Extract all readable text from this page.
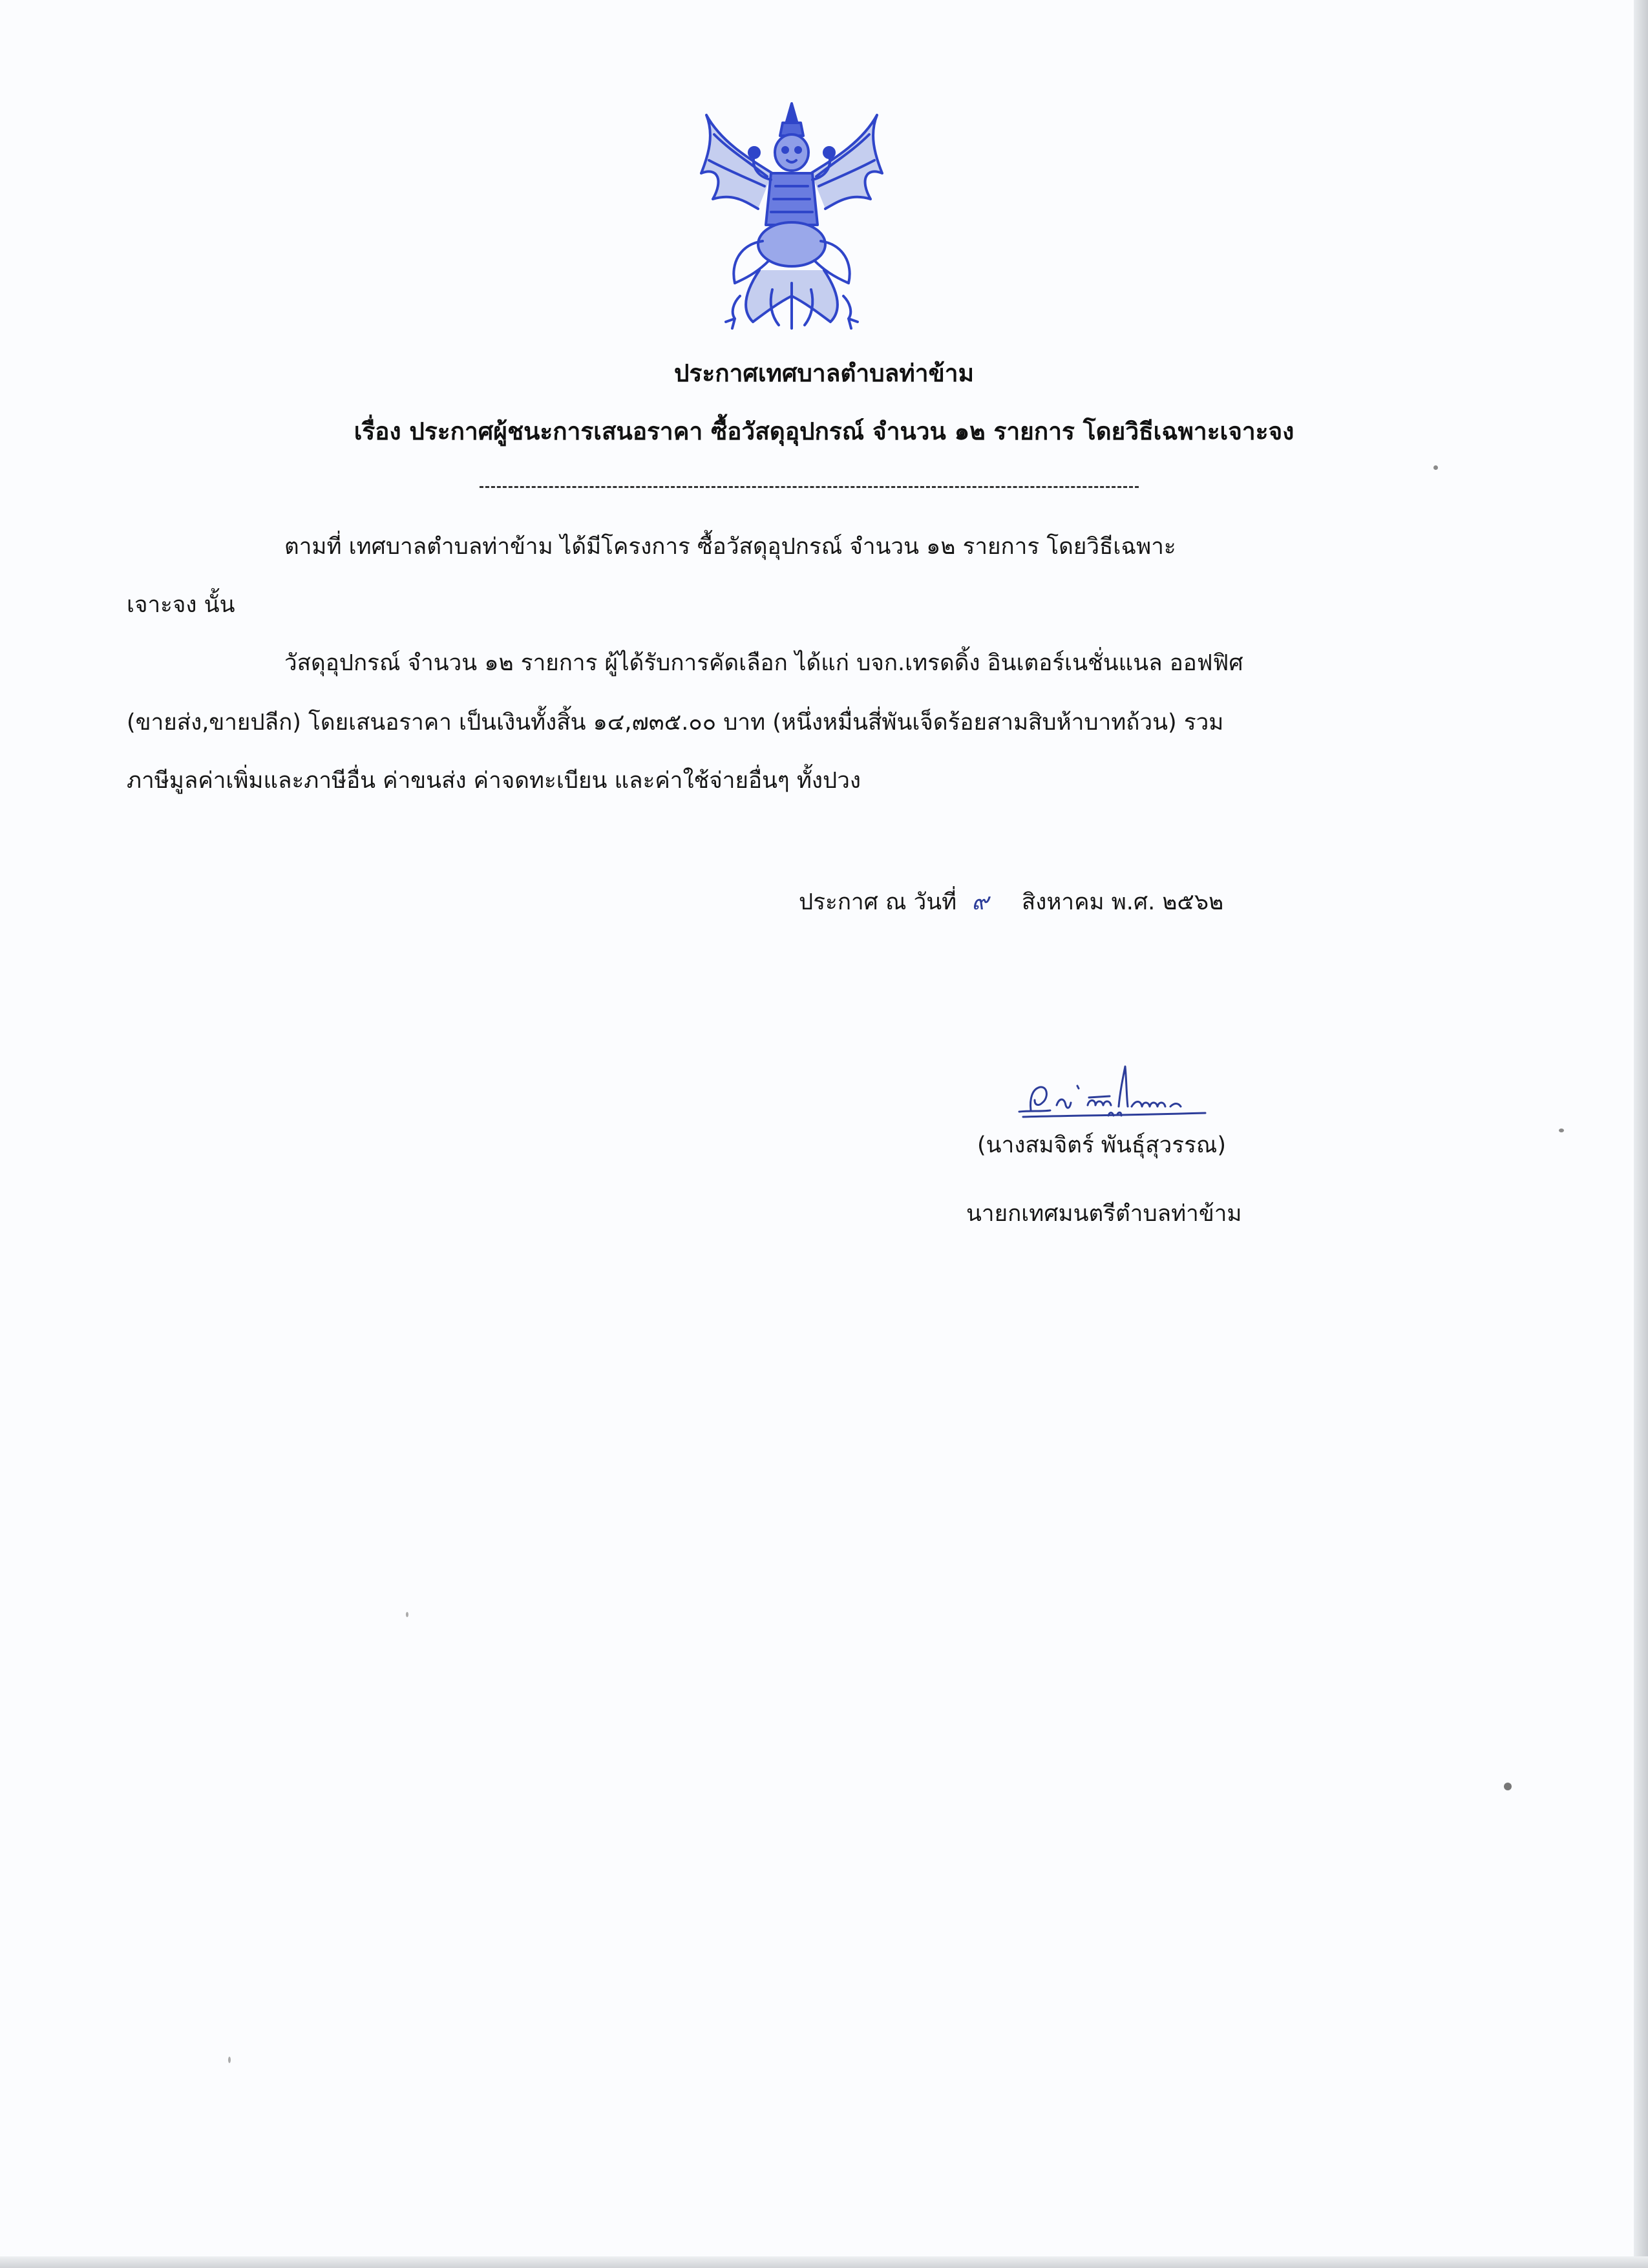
ประกาศเทศบาลตำบลท่าข้าม
เรื่อง ประกาศผู้ชนะการเสนอราคา ซื้อวัสดุอุปกรณ์ จำนวน ๑๒ รายการ โดยวิธีเฉพาะเจาะจง
ตามที่ เทศบาลตำบลท่าข้าม ได้มีโครงการ ซื้อวัสดุอุปกรณ์ จำนวน ๑๒ รายการ โดยวิธีเฉพาะ
เจาะจง นั้น
วัสดุอุปกรณ์ จำนวน ๑๒ รายการ ผู้ได้รับการคัดเลือก ได้แก่ บจก.เทรดดิ้ง อินเตอร์เนชั่นแนล ออฟฟิศ
(ขายส่ง,ขายปลีก) โดยเสนอราคา เป็นเงินทั้งสิ้น ๑๔,๗๓๕.๐๐ บาท (หนึ่งหมื่นสี่พันเจ็ดร้อยสามสิบห้าบาทถ้วน) รวม
ภาษีมูลค่าเพิ่มและภาษีอื่น ค่าขนส่ง ค่าจดทะเบียน และค่าใช้จ่ายอื่นๆ ทั้งปวง
ประกาศ ณ วันที่ ๙ สิงหาคม พ.ศ. ๒๕๖๒
(นางสมจิตร์ พันธุ์สุวรรณ)
นายกเทศมนตรีตำบลท่าข้าม
